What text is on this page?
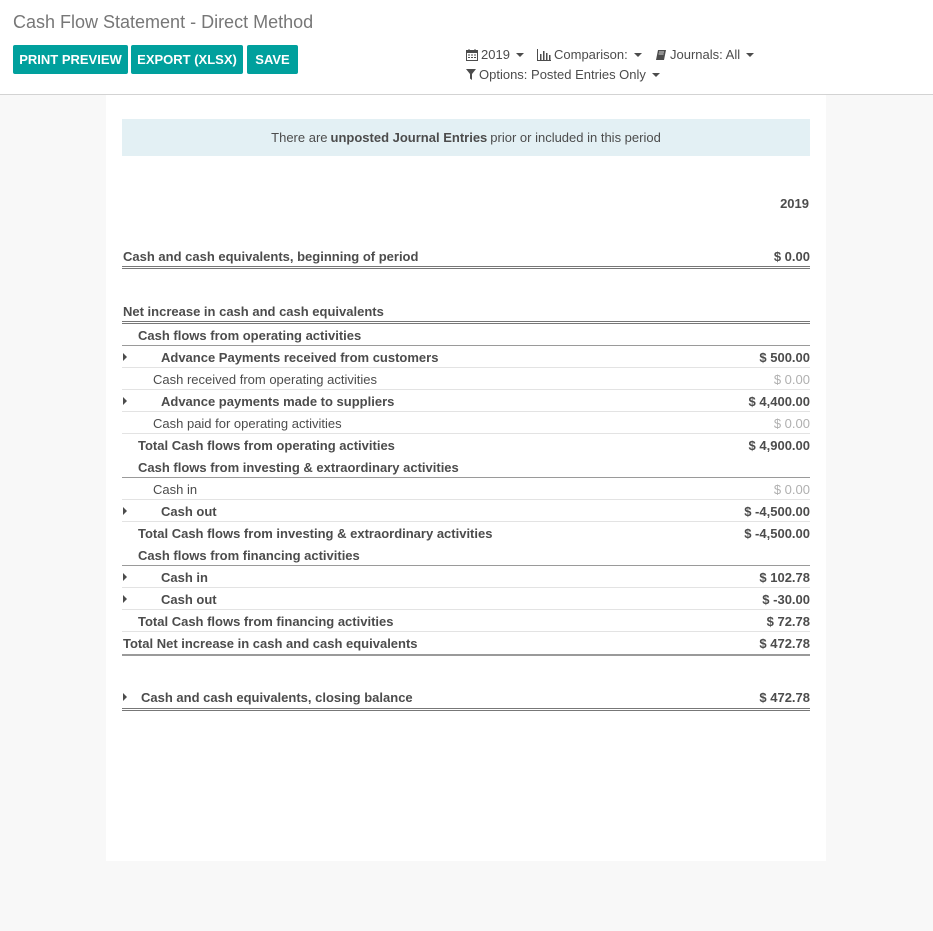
Cash Flow Statement - Direct Method
PRINT PREVIEW	EXPORT (XLSX)	SAVE	2019	Comparison:	Journals: All
Options: Posted Entries Only
There are unposted Journal Entries prior or included in this period
2019
Cash and cash equivalents, beginning of period	$ 0.00
Net increase in cash and cash equivalents
Cash flows from operating activities
Advance Payments received from customers	$ 500.00
Cash received from operating activities	$ 0.00
Advance payments made to suppliers	$ 4,400.00
Cash paid for operating activities	$ 0.00
Total Cash flows from operating activities	$ 4,900.00
Cash flows from investing & extraordinary activities
Cash in	$ 0.00
Cash out	$ -4,500.00
Total Cash flows from investing & extraordinary activities	$ -4,500.00
Cash flows from financing activities
Cash in	$ 102.78
Cash out	$ -30.00
Total Cash flows from financing activities	$ 72.78
Total Net increase in cash and cash equivalents	$ 472.78
Cash and cash equivalents, closing balance	$ 472.78
